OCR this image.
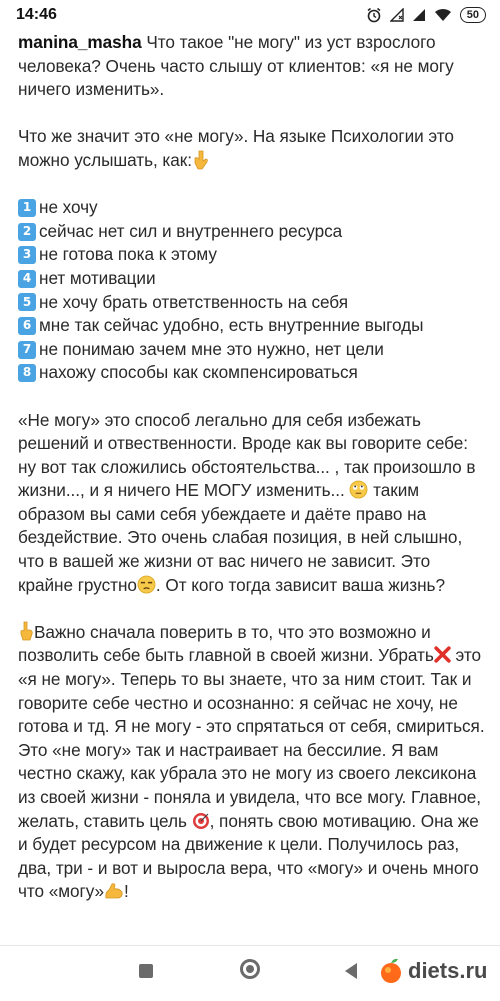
14:46	50

manina_masha Что такое "не могу" из уст взрослого человека? Очень часто слышу от клиентов: «я не могу ничего изменить».

Что же значит это «не могу». На языке Психологии это можно услышать, как:

1 не хочу

2 сейчас нет сил и внутреннего ресурса

3 не готова пока к этому

4 нет мотивации

5 не хочу брать ответственность на себя

6 мне так сейчас удобно, есть внутренние выгоды

7 не понимаю зачем мне это нужно, нет цели

8 нахожу способы как скомпенсироваться

«Не могу» это способ легально для себя избежать решений и отвественности. Вроде как вы говорите себе: ну вот так сложились обстоятельства... , так произошло в жизни..., и я ничего НЕ МОГУ изменить...  таким образом вы сами себя убеждаете и даёте право на бездействие. Это очень слабая позиция, в ней слышно, что в вашей же жизни от вас ничего не зависит. Это крайне грустно . От кого тогда зависит ваша жизнь?

Важно сначала поверить в то, что это возможно и позволить себе быть главной в своей жизни. Убрать это «я не могу». Теперь то вы знаете, что за ним стоит. Так и говорите себе честно и осознанно: я сейчас не хочу, не готова и тд. Я не могу - это спрятаться от себя, смириться. Это «не могу» так и настраивает на бессилие. Я вам честно скажу, как убрала это не могу из своего лексикона из своей жизни - поняла и увидела, что все могу. Главное, желать, ставить цель , понять свою мотивацию. Она же и будет ресурсом на движение к цели. Получилось раз, два, три - и вот и выросла вера, что «могу» и очень много что «могу» !

diets.ru
